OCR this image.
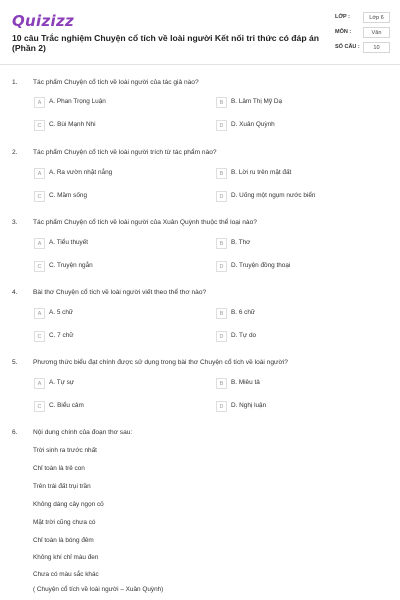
Quizizz
10 câu Trắc nghiệm Chuyện cổ tích về loài người Kết nối tri thức có đáp án (Phần 2)
LỚP :	Lớp 6
MÔN :	Văn
SỐ CÂU :	10
1. Tác phẩm Chuyện cổ tích về loài người của tác giả nào?
A	A. Phan Trọng Luận	B	B. Lâm Thị Mỹ Dạ
C	C. Bùi Mạnh Nhi	D	D. Xuân Quỳnh
2. Tác phẩm Chuyện cổ tích về loài người trích từ tác phẩm nào?
A	A. Ra vườn nhặt nắng	B	B. Lời ru trên mặt đất
C	C. Mầm sống	D	D. Uống một ngụm nước biển
3. Tác phẩm Chuyện cổ tích về loài người của Xuân Quỳnh thuộc thể loại nào?
A	A. Tiểu thuyết	B	B. Thơ
C	C. Truyện ngắn	D	D. Truyện đồng thoại
4. Bài thơ Chuyện cổ tích về loài người viết theo thể thơ nào?
A	A. 5 chữ	B	B. 6 chữ
C	C. 7 chữ	D	D. Tự do
5. Phương thức biểu đạt chính được sử dụng trong bài thơ Chuyện cổ tích về loài người?
A	A. Tự sự	B	B. Miêu tả
C	C. Biểu cảm	D	D. Nghị luận
6. Nội dung chính của đoạn thơ sau:
Trời sinh ra trước nhất
Chỉ toàn là trẻ con
Trên trái đất trụi trần
Không dáng cây ngọn cỏ
Mặt trời cũng chưa có
Chỉ toàn là bóng đêm
Không khí chỉ màu đen
Chưa có màu sắc khác
( Chuyện cổ tích về loài người – Xuân Quỳnh)
